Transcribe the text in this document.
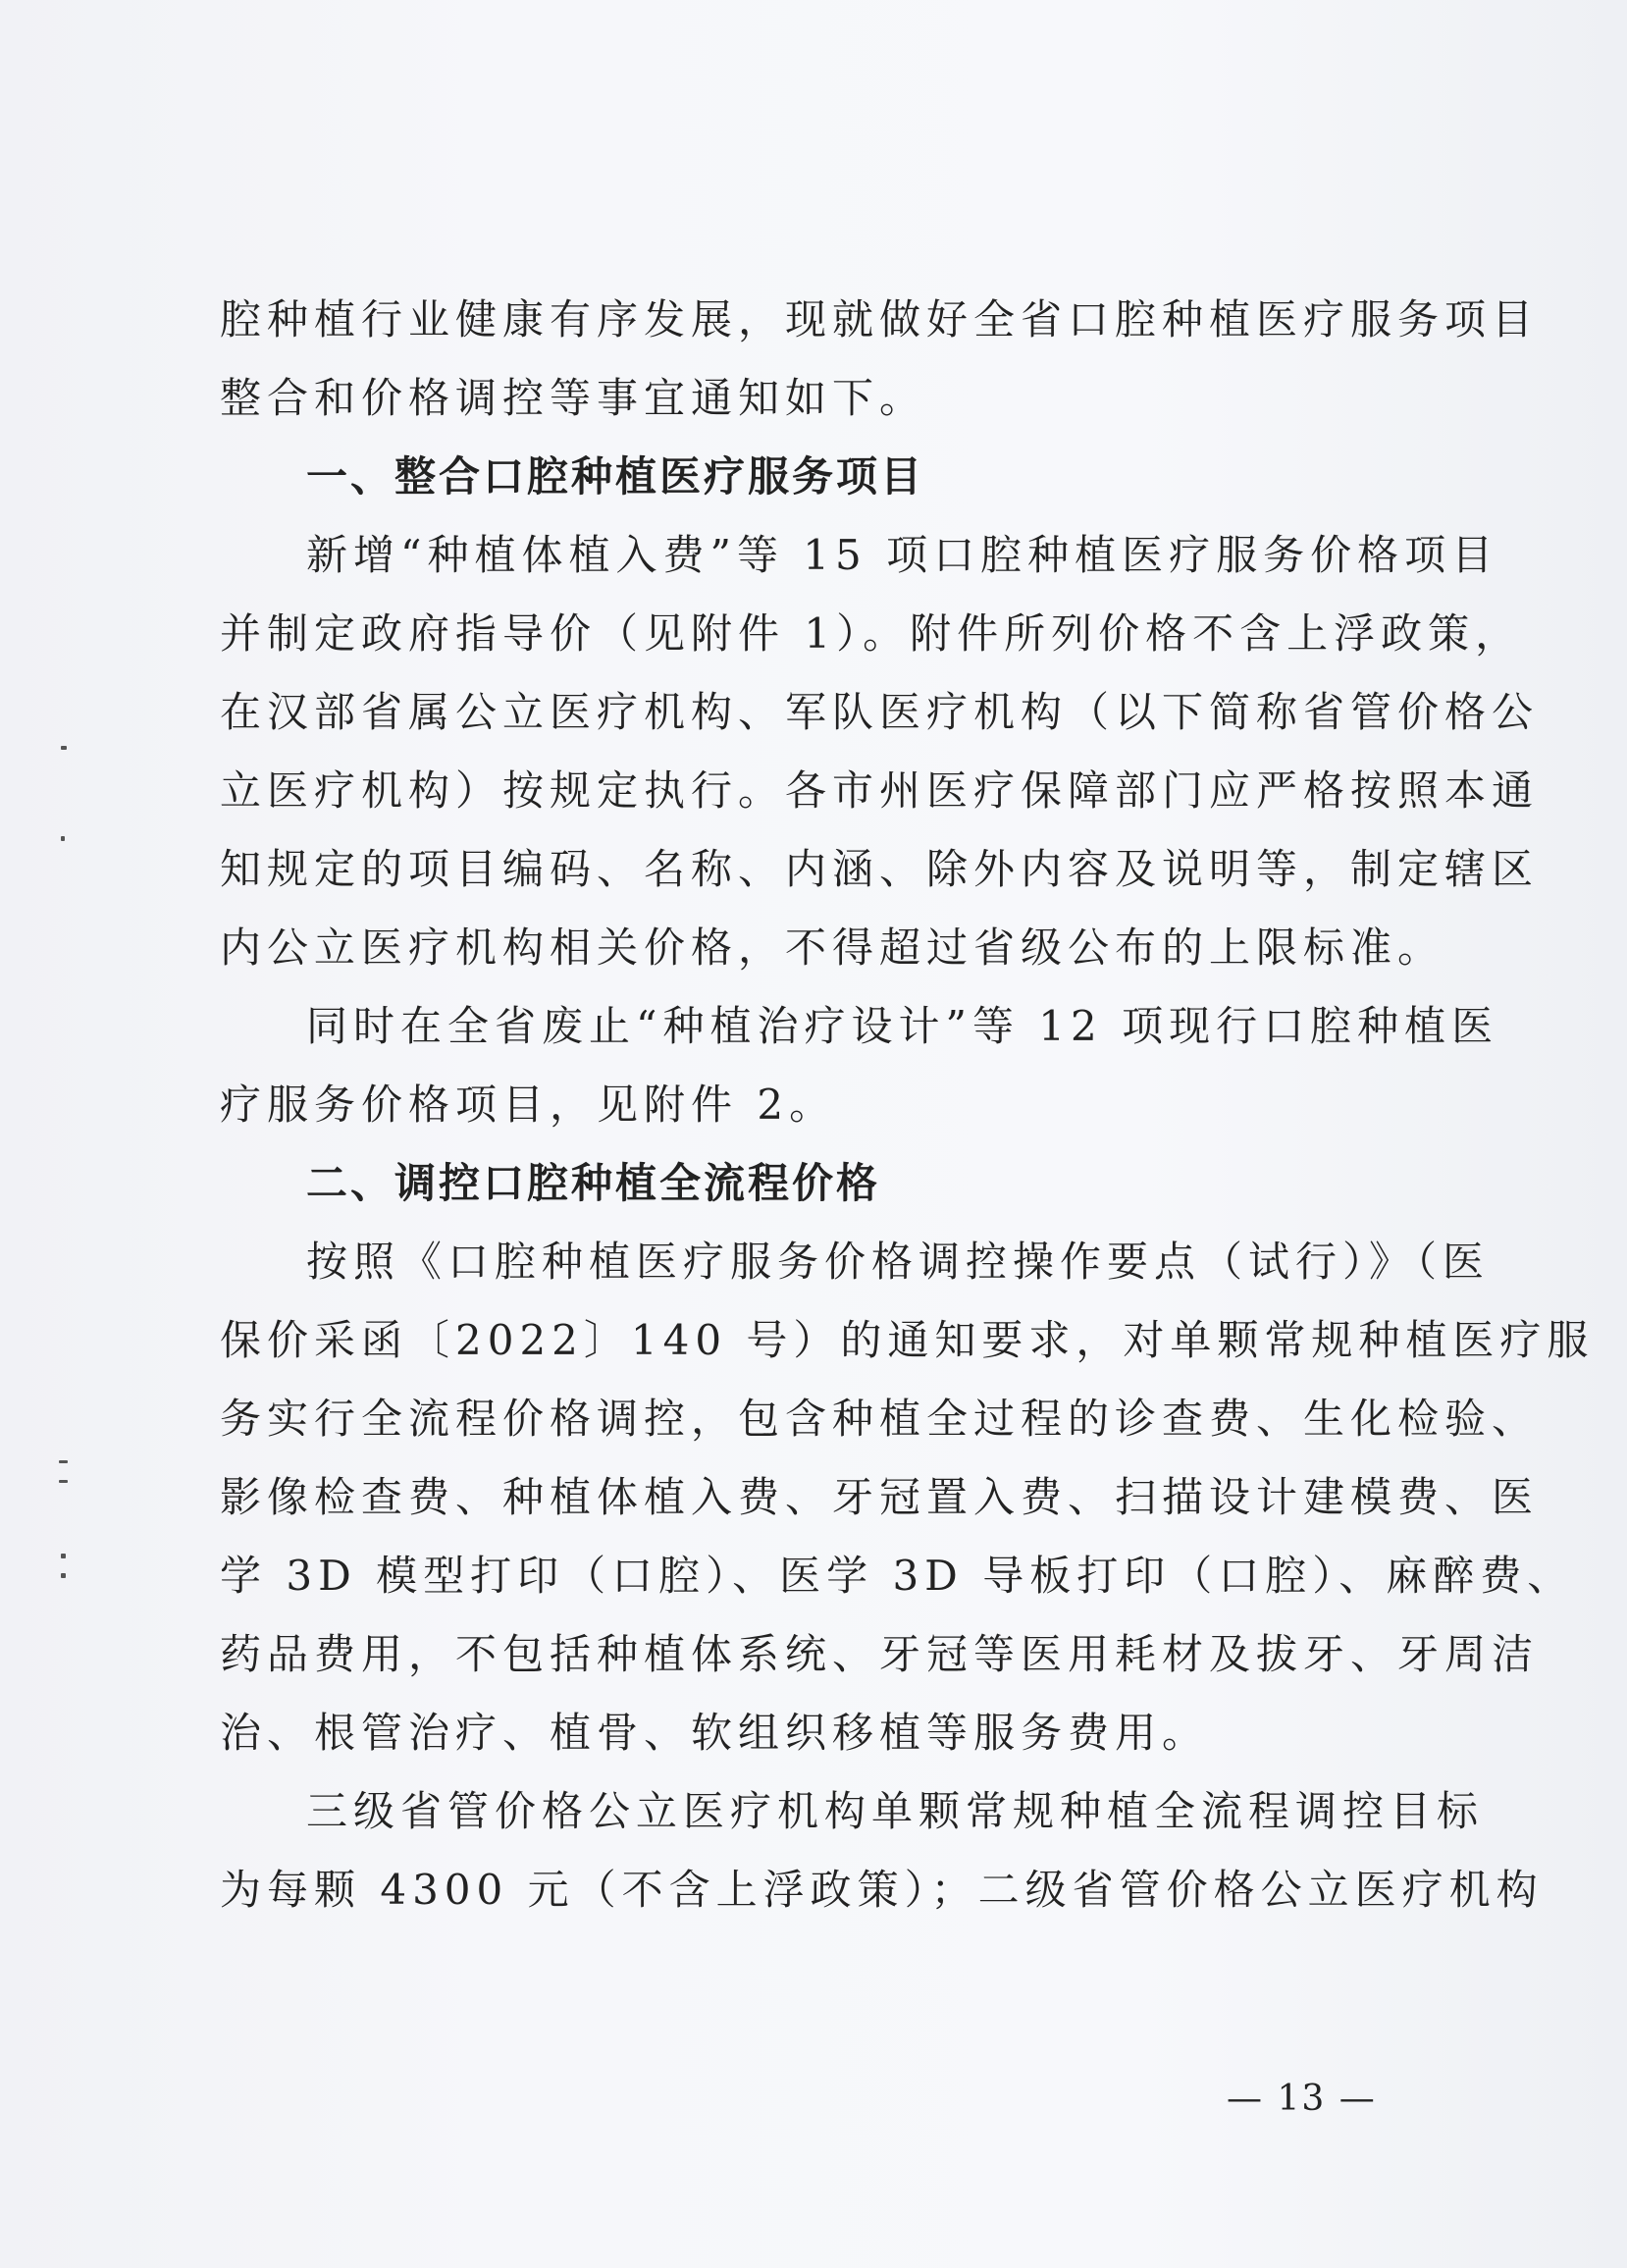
腔种植行业健康有序发展，现就做好全省口腔种植医疗服务项目
整合和价格调控等事宜通知如下。
一、整合口腔种植医疗服务项目
新增“种植体植入费”等 15 项口腔种植医疗服务价格项目
并制定政府指导价（见附件 1）。附件所列价格不含上浮政策，
在汉部省属公立医疗机构、军队医疗机构（以下简称省管价格公
立医疗机构）按规定执行。各市州医疗保障部门应严格按照本通
知规定的项目编码、名称、内涵、除外内容及说明等，制定辖区
内公立医疗机构相关价格，不得超过省级公布的上限标准。
同时在全省废止“种植治疗设计”等 12 项现行口腔种植医
疗服务价格项目，见附件 2。
二、调控口腔种植全流程价格
按照《口腔种植医疗服务价格调控操作要点（试行）》（医
保价采函〔2022〕140 号）的通知要求，对单颗常规种植医疗服
务实行全流程价格调控，包含种植全过程的诊查费、生化检验、
影像检查费、种植体植入费、牙冠置入费、扫描设计建模费、医
学 3D 模型打印（口腔）、医学 3D 导板打印（口腔）、麻醉费、
药品费用，不包括种植体系统、牙冠等医用耗材及拔牙、牙周洁
治、根管治疗、植骨、软组织移植等服务费用。
三级省管价格公立医疗机构单颗常规种植全流程调控目标
为每颗 4300 元（不含上浮政策）；二级省管价格公立医疗机构
— 13 —
